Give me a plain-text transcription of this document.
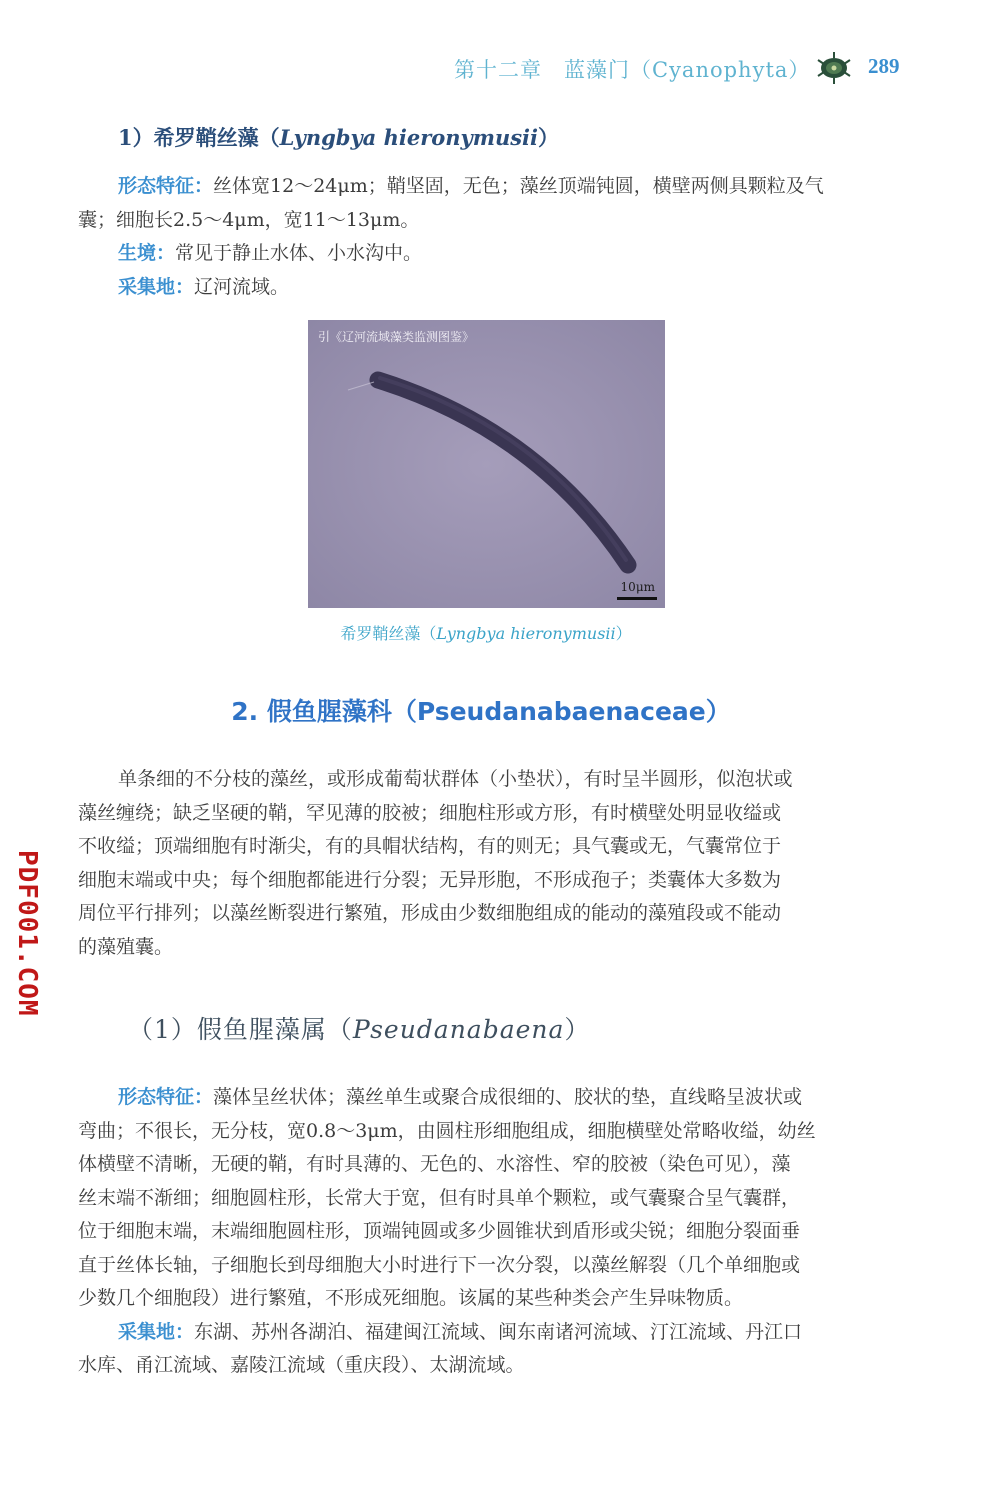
第十二章　蓝藻门（Cyanophyta）	289
1）希罗鞘丝藻（Lyngbya hieronymusii）
形态特征：丝体宽12～24μm；鞘坚固，无色；藻丝顶端钝圆，横壁两侧具颗粒及气
囊；细胞长2.5～4μm，宽11～13μm。
生境：常见于静止水体、小水沟中。
采集地：辽河流域。
引《辽河流域藻类监测图鉴》
10μm
希罗鞘丝藻（Lyngbya hieronymusii）
2. 假鱼腥藻科（Pseudanabaenaceae）
单条细的不分枝的藻丝，或形成葡萄状群体（小垫状），有时呈半圆形，似泡状或
藻丝缠绕；缺乏坚硬的鞘，罕见薄的胶被；细胞柱形或方形，有时横壁处明显收缢或
不收缢；顶端细胞有时渐尖，有的具帽状结构，有的则无；具气囊或无，气囊常位于
细胞末端或中央；每个细胞都能进行分裂；无异形胞，不形成孢子；类囊体大多数为
周位平行排列；以藻丝断裂进行繁殖，形成由少数细胞组成的能动的藻殖段或不能动
的藻殖囊。
PDF001.COM
（1）假鱼腥藻属（Pseudanabaena）
形态特征：藻体呈丝状体；藻丝单生或聚合成很细的、胶状的垫，直线略呈波状或
弯曲；不很长，无分枝，宽0.8～3μm，由圆柱形细胞组成，细胞横壁处常略收缢，幼丝
体横壁不清晰，无硬的鞘，有时具薄的、无色的、水溶性、窄的胶被（染色可见），藻
丝末端不渐细；细胞圆柱形，长常大于宽，但有时具单个颗粒，或气囊聚合呈气囊群，
位于细胞末端，末端细胞圆柱形，顶端钝圆或多少圆锥状到盾形或尖锐；细胞分裂面垂
直于丝体长轴，子细胞长到母细胞大小时进行下一次分裂，以藻丝解裂（几个单细胞或
少数几个细胞段）进行繁殖，不形成死细胞。该属的某些种类会产生异味物质。
采集地：东湖、苏州各湖泊、福建闽江流域、闽东南诸河流域、汀江流域、丹江口
水库、甬江流域、嘉陵江流域（重庆段）、太湖流域。
